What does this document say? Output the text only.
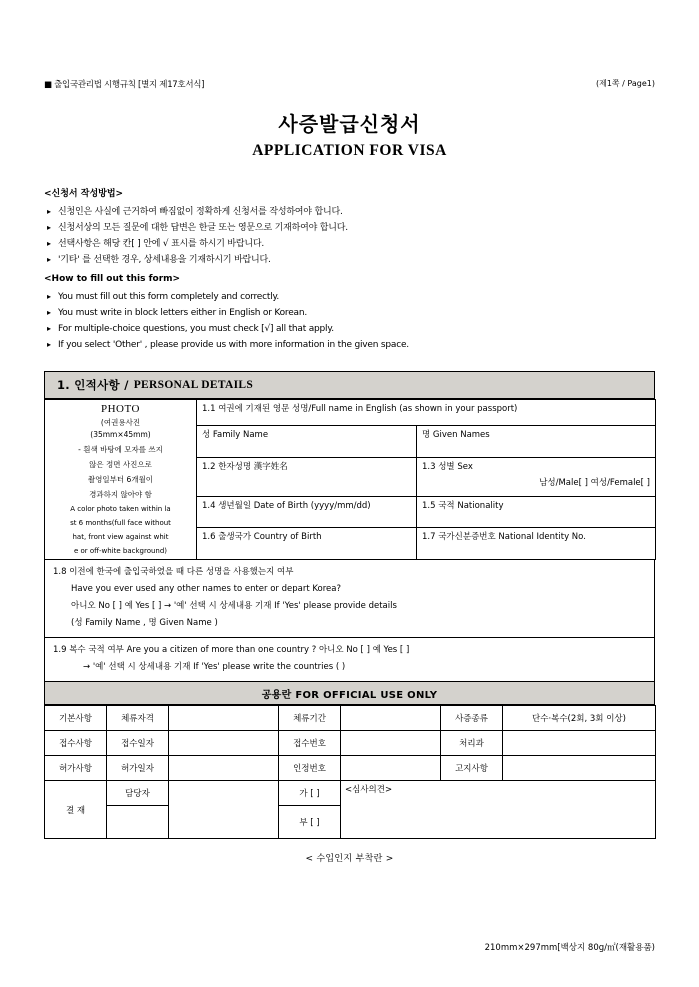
■ 출입국관리법 시행규칙 [별지 제17호서식]	(제1쪽 / Page1)
사증발급신청서
APPLICATION FOR VISA
<신청서 작성방법>
▸ 신청인은 사실에 근거하여 빠짐없이 정확하게 신청서를 작성하여야 합니다.
▸ 신청서상의 모든 질문에 대한 답변은 한글 또는 영문으로 기재하여야 합니다.
▸ 선택사항은 해당 칸[ ] 안에 √ 표시를 하시기 바랍니다.
▸ '기타' 를 선택한 경우, 상세내용을 기재하시기 바랍니다.
<How to fill out this form>
▸ You must fill out this form completely and correctly.
▸ You must write in block letters either in English or Korean.
▸ For multiple-choice questions, you must check [√] all that apply.
▸ If you select 'Other' , please provide us with more information in the given space.
1. 인적사항 / PERSONAL DETAILS
PHOTO
(여권용사진
(35mm×45mm)
- 흰색 바탕에 모자를 쓰지
않은 정면 사진으로
촬영일부터 6개월이
경과하지 않아야 함
A color photo taken within la
st 6 months(full face without
hat, front view against whit
e or off-white background)
	1.1 여권에 기재된 영문 성명/Full name in English (as shown in your passport)
	성 Family Name	명 Given Names
	1.2 한자성명 漢字姓名	1.3 성별 Sex
남성/Male[ ] 여성/Female[ ]

	1.4 생년월일 Date of Birth (yyyy/mm/dd)	1.5 국적 Nationality
	1.6 출생국가 Country of Birth	1.7 국가신분증번호 National Identity No.
1.8 이전에 한국에 출입국하였을 때 다른 성명을 사용했는지 여부
Have you ever used any other names to enter or depart Korea?
아니오 No [ ] 예 Yes [ ] → '예' 선택 시 상세내용 기재 If 'Yes' please provide details
(성 Family Name , 명 Given Name )
1.9 복수 국적 여부 Are you a citizen of more than one country ? 아니오 No [ ] 예 Yes [ ]
→ '예' 선택 시 상세내용 기재 If 'Yes' please write the countries ( )
공용란 FOR OFFICIAL USE ONLY
기본사항	체류자격		체류기간		사증종류	단수·복수(2회, 3회 이상)
접수사항	접수일자		접수번호		처리과	
허가사항	허가일자		인정번호		고지사항	
결 재	담당자		가 [ ]	<심사의견>		
			부 [ ]			
< 수입인지 부착란 >
210mm×297mm[백상지 80g/㎡(재활용품)
